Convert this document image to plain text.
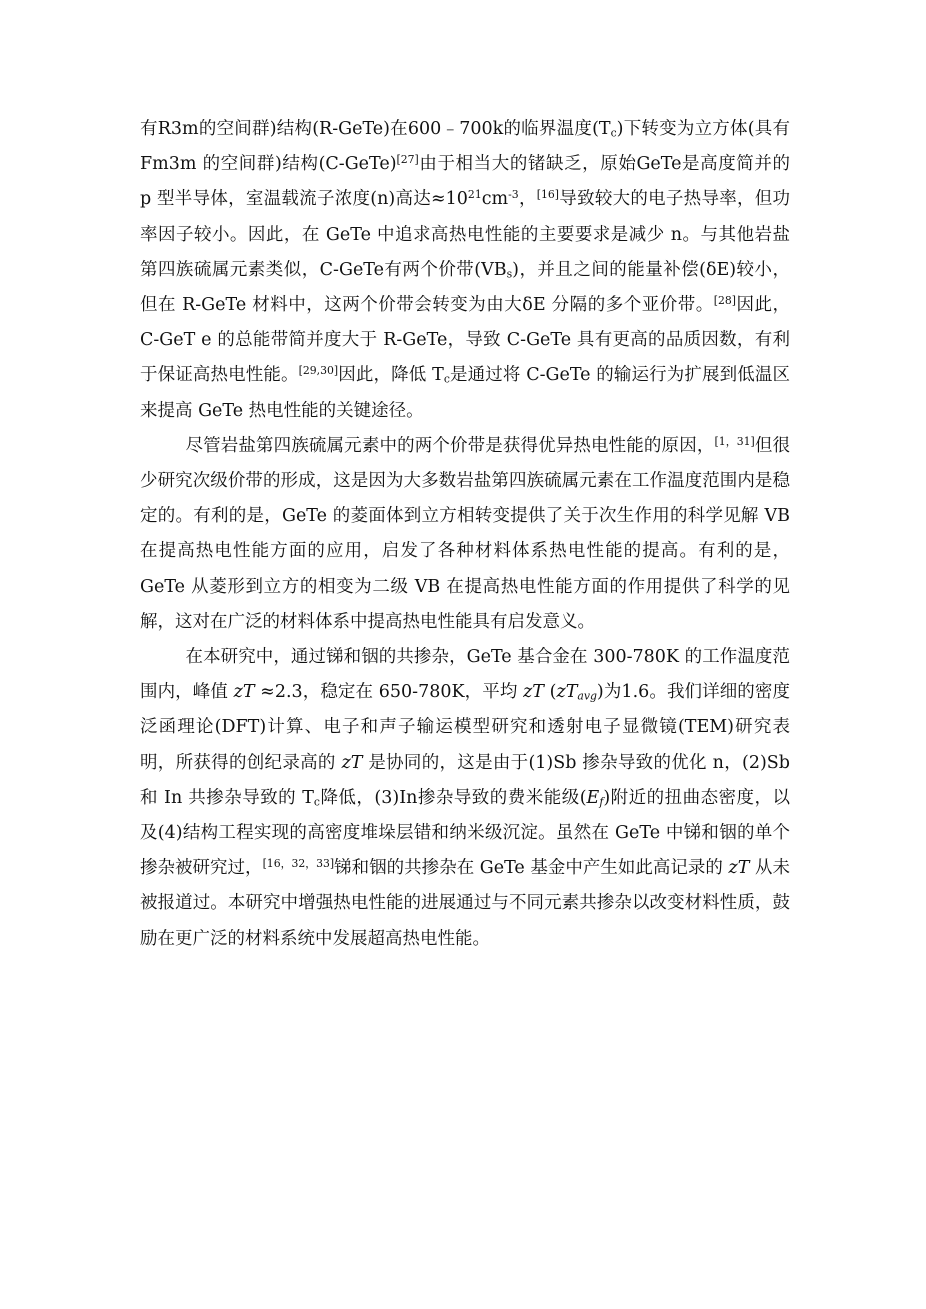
有R3m的空间群)结构(R-GeTe)在600﹣700k的临界温度$(T_c)$下转变为立方体(具有 Fm3m 的空间群)结构(C-GeTe)[27]由于相当大的锗缺乏，原始GeTe是高度简并的 p 型半导体，室温载流子浓度(n)高达$\approx 10^{21}cm^{-3}$，[16]导致较大的电子热导率，但功率因子较小。因此，在 GeTe 中追求高热电性能的主要要求是减少 n。与其他岩盐第四族硫属元素类似，C-GeTe有两个价带$(VB_s)$，并且之间的能量补偿(δE)较小，但在 R-GeTe 材料中，这两个价带会转变为由大δE 分隔的多个亚价带。[28]因此，C-GeT e 的总能带简并度大于 R-GeTe，导致 C-GeTe 具有更高的品质因数，有利于保证高热电性能。[29,30]因此，降低 $T_c$是通过将 C-GeTe 的输运行为扩展到低温区来提高 GeTe 热电性能的关键途径。

尽管岩盐第四族硫属元素中的两个价带是获得优异热电性能的原因，[1，31]但很少研究次级价带的形成，这是因为大多数岩盐第四族硫属元素在工作温度范围内是稳定的。有利的是，GeTe 的菱面体到立方相转变提供了关于次生作用的科学见解 VB 在提高热电性能方面的应用，启发了各种材料体系热电性能的提高。有利的是，GeTe 从菱形到立方的相变为二级 VB 在提高热电性能方面的作用提供了科学的见解，这对在广泛的材料体系中提高热电性能具有启发意义。

在本研究中，通过锑和铟的共掺杂，GeTe 基合金在 300-780K 的工作温度范围内，峰值 zT ≈2.3，稳定在 650-780K，平均 zT $(zT_{avg})$为1.6。我们详细的密度泛函理论(DFT)计算、电子和声子输运模型研究和透射电子显微镜(TEM)研究表明，所获得的创纪录高的 zT 是协同的，这是由于(1)Sb 掺杂导致的优化 n，(2)Sb 和 In 共掺杂导致的 $T_c$降低，(3)In掺杂导致的费米能级$(E_f)$附近的扭曲态密度，以及(4)结构工程实现的高密度堆垛层错和纳米级沉淀。虽然在 GeTe 中锑和铟的单个掺杂被研究过，[16，32，33]锑和铟的共掺杂在 GeTe 基金中产生如此高记录的 zT 从未被报道过。本研究中增强热电性能的进展通过与不同元素共掺杂以改变材料性质，鼓励在更广泛的材料系统中发展超高热电性能。
